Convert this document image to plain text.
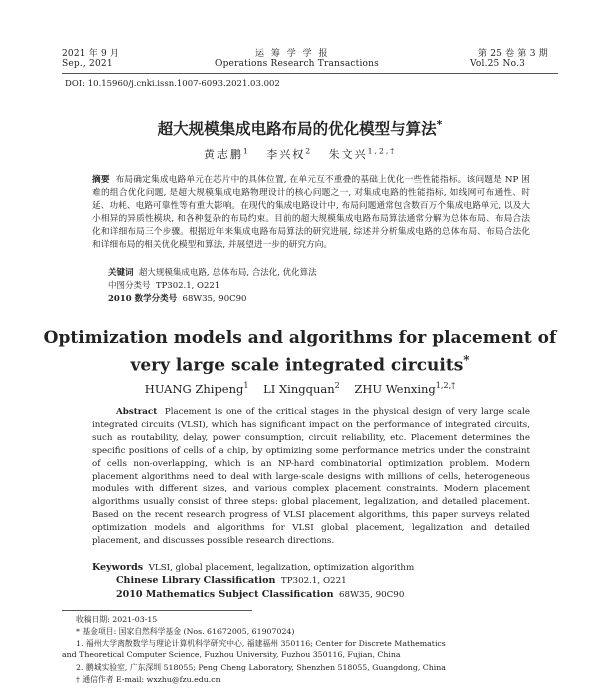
2021 年 9 月
Sep., 2021
运 筹 学 学 报
Operations Research Transactions
第 25 卷 第 3 期
Vol.25 No.3
DOI: 10.15960/j.cnki.issn.1007-6093.2021.03.002
超大规模集成电路布局的优化模型与算法*
黄志鹏$^1$ 李兴权$^2$ 朱文兴$^{1,2,\dagger}$
摘要 布局确定集成电路单元在芯片中的具体位置, 在单元互不重叠的基础上优化一些性能指标。该问题是 NP 困难的组合优化问题, 是超大规模集成电路物理设计的核心问题之一, 对集成电路的性能指标, 如线网可布通性、时延、功耗、电路可靠性等有重大影响。在现代的集成电路设计中, 布局问题通常包含数百万个集成电路单元, 以及大小相异的异质性模块, 和各种复杂的布局约束。目前的超大规模集成电路布局算法通常分解为总体布局、布局合法化和详细布局三个步骤。根据近年来集成电路布局算法的研究进展, 综述并分析集成电路的总体布局、布局合法化和详细布局的相关优化模型和算法, 并展望进一步的研究方向。
关键词 超大规模集成电路, 总体布局, 合法化, 优化算法
中图分类号 TP302.1, O221
2010 数学分类号 68W35, 90C90
Optimization models and algorithms for placement of
very large scale integrated circuits*
HUANG Zhipeng$^1$ LI Xingquan$^2$ ZHU Wenxing$^{1,2,\dagger}$
Abstract Placement is one of the critical stages in the physical design of very large scale integrated circuits (VLSI), which has significant impact on the performance of integrated circuits, such as routability, delay, power consumption, circuit reliability, etc. Placement determines the specific positions of cells of a chip, by optimizing some performance metrics under the constraint of cells non-overlapping, which is an NP-hard combinatorial optimization problem. Modern placement algorithms need to deal with large-scale designs with millions of cells, heterogeneous modules with different sizes, and various complex placement constraints. Modern placement algorithms usually consist of three steps: global placement, legalization, and detailed placement. Based on the recent research progress of VLSI placement algorithms, this paper surveys related optimization models and algorithms for VLSI global placement, legalization and detailed placement, and discusses possible research directions.
Keywords VLSI, global placement, legalization, optimization algorithm
Chinese Library Classification TP302.1, O221
2010 Mathematics Subject Classification 68W35, 90C90
收稿日期: 2021-03-15
* 基金项目: 国家自然科学基金 (Nos. 61672005, 61907024)
1. 福州大学离散数学与理论计算机科学研究中心, 福建福州 350116; Center for Discrete Mathematics
and Theoretical Computer Science, Fuzhou University, Fuzhou 350116, Fujian, China
2. 鹏城实验室, 广东深圳 518055; Peng Cheng Laboratory, Shenzhen 518055, Guangdong, China
† 通信作者 E-mail: wxzhu@fzu.edu.cn
